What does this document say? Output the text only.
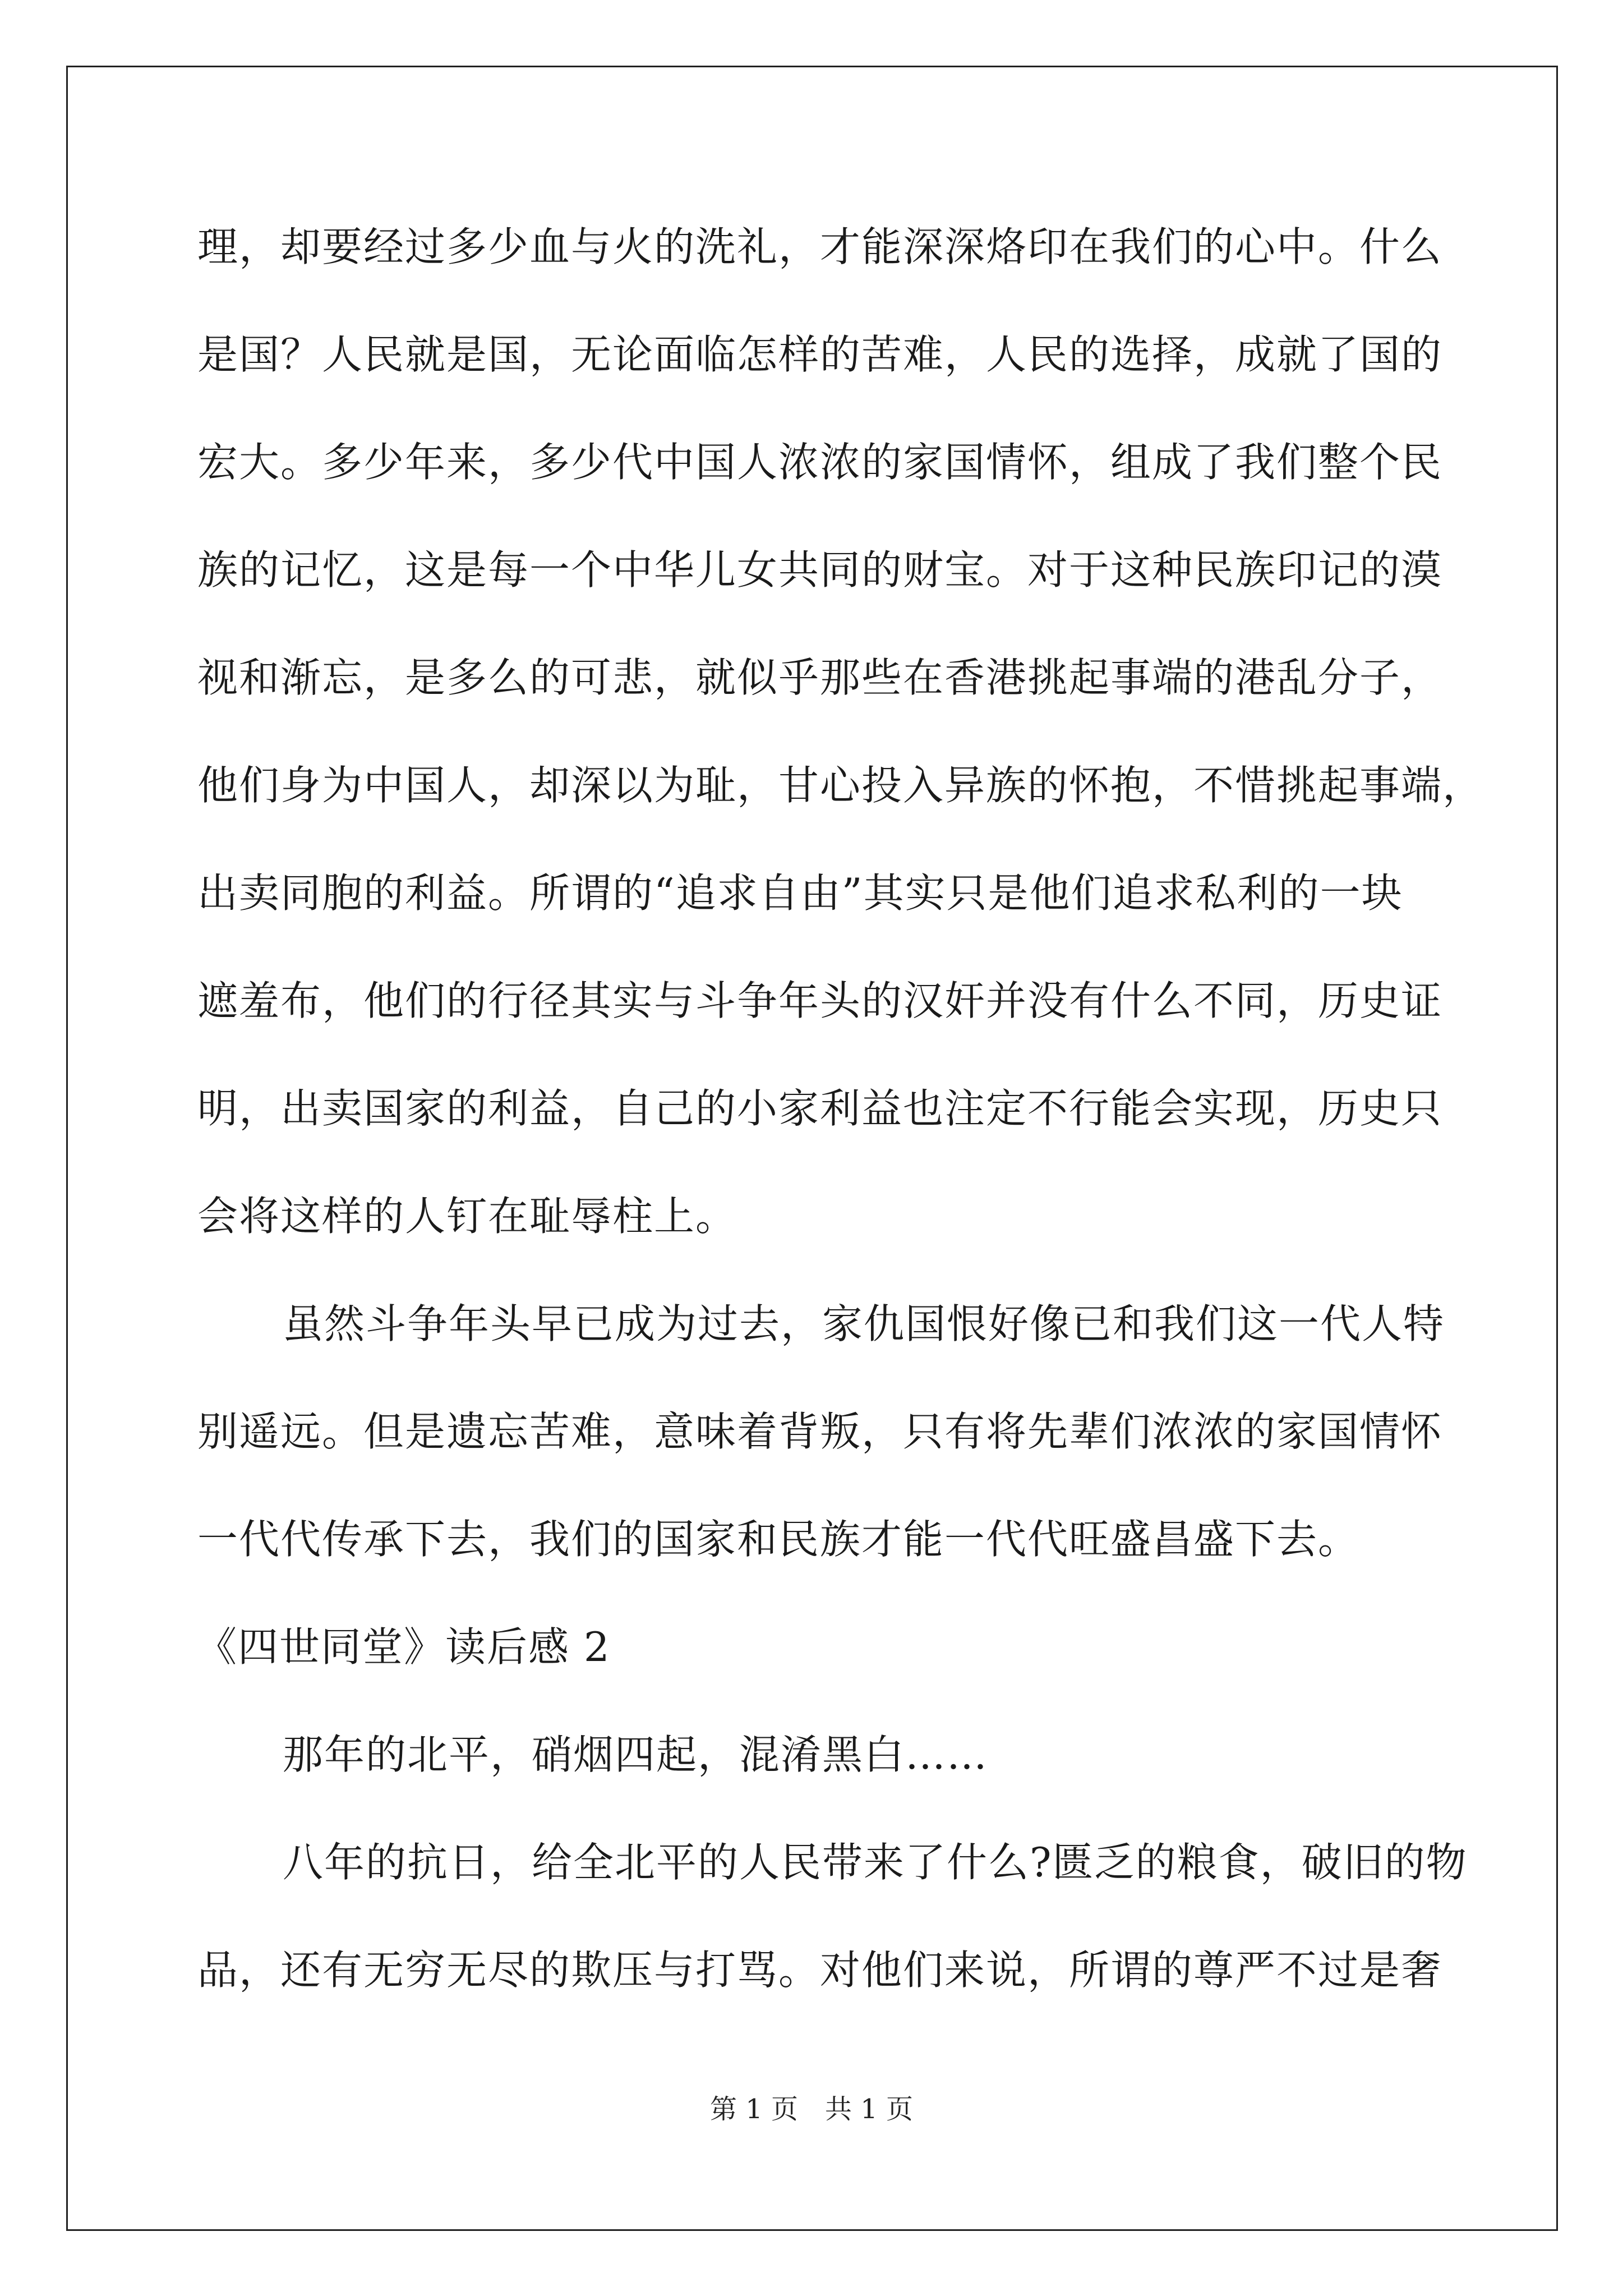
理，却要经过多少血与火的洗礼，才能深深烙印在我们的心中。什么
是国？人民就是国，无论面临怎样的苦难，人民的选择，成就了国的
宏大。多少年来，多少代中国人浓浓的家国情怀，组成了我们整个民
族的记忆，这是每一个中华儿女共同的财宝。对于这种民族印记的漠
视和渐忘，是多么的可悲，就似乎那些在香港挑起事端的港乱分子，
他们身为中国人，却深以为耻，甘心投入异族的怀抱，不惜挑起事端，
出卖同胞的利益。所谓的“追求自由”其实只是他们追求私利的一块
遮羞布，他们的行径其实与斗争年头的汉奸并没有什么不同，历史证
明，出卖国家的利益，自己的小家利益也注定不行能会实现，历史只
会将这样的人钉在耻辱柱上。
虽然斗争年头早已成为过去，家仇国恨好像已和我们这一代人特
别遥远。但是遗忘苦难，意味着背叛，只有将先辈们浓浓的家国情怀
一代代传承下去，我们的国家和民族才能一代代旺盛昌盛下去。
《四世同堂》读后感 2
那年的北平，硝烟四起，混淆黑白……
八年的抗日，给全北平的人民带来了什么?匮乏的粮食，破旧的物
品，还有无穷无尽的欺压与打骂。对他们来说，所谓的尊严不过是奢
第 1 页　共 1 页
